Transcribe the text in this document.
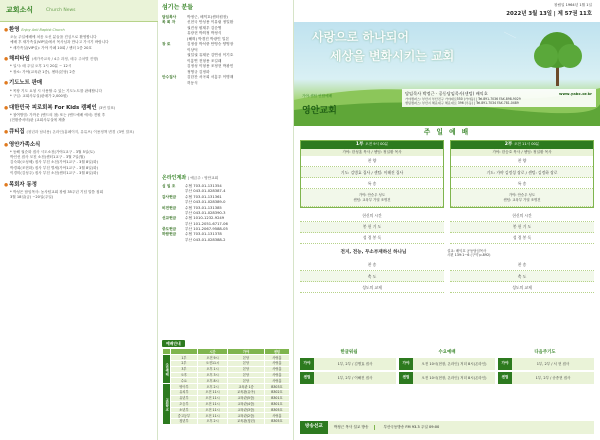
교회소식	Church News
●환영 Enjoy Anti Baptist Church

오늘 주일예배에 처음 오신 분들을 진심으로 환영합니다

예배 후 새가족실(VIP실)에서 목사님과 만나고 가시기 바랍니다

* 새가족실(VIP실): 가야 카페 10회 / 센터 1층 20호

●해피타임 (새가족교육 / 4주 과정, 매주 주차별 진행)

* 일시: 매 주일 오후 1시 20분 ~ 12시

* 장소: 가야(교육관 1층), 센터(본당) 2층

●기도노트 판매

* 목장 기도 요청 시 사용할 수 있는 기도노트를 판매합니다

* 구입: 교회사무실(판매가 2,000원)

●대한민국 피로회복 For Kids 캠페인 (3번 말표)

* 참여방법: 가까운 (밴드의 참) 또는 (밴드예배 에서) 전원 후

(전환중서비)판 (교회사무실에 제출

●큐티집 (청년과 남녀용) 온라인(홈페이지, 유튜브) 이용정책 변경 (3번 말표)
●영안가족소식

* 동해 권순화 집사 시도소천(가야1교구 - 3월 5일(토)

박인선 집사 모친 소천(센터1교구 - 3월 7일(월)

김숙화(오성혜) 집사 부친 소천(가야1교구 - 3월 8일(화)

박경희(조현화) 집사 부친 별세(가야1교구 - 3월 8일(화)

이경미(김성주) 집사 부친 소천(센터1교구 - 3월 8일(화)

●목회자 동정

* 박성은 담임목사: 농사팀교회 창립 35주년 기념 말씀 집회

3월 18일(금) ~20일(주일)

섬기는 분들
담임목사	박정근, 배익호(센터원장)
목 회 자	신현국 안성용 이유림 정일환
권진성 원재우 김순영
유장현 박의정 박정식
(해외) 박경진 박광인 일본
장 로	김정삼 박석중 안영승 양영장
이상덕
권일권 유재문 김연성 이기호
이흥연 전형용 조길래
김정성 이형용 조정현 박광민
정영규 김정화
안수집사	김한찬 서곡희 서흥우 이병재
허동식
온라인계좌 | 예금주 : 영안교회
십 일 조	수협 703-01-131354
부산 043-01-028387-4
감사헌금	수협 703-01-131361
부산 043-01-028389-0
비전헌금	수협 703-01-131385
부산 043-01-028390-3
선교헌금	수협 1010-1232-9249
부산 101-2051-6717-06
중도헌금	부산 101-2067-9588-05
하람헌금	수협 703-01-131378
부산 043-01-028388-2
예배안내
		시간	가야	센텀
주일예배	1부	오전 9시	본당	사랑홀
	2부	오전11시	본당	사랑홀
	3부	오후 1시	본당	사랑홀
	오후	오후 3시	본당	사랑홀
	수요	오후 8시	본당	사랑홀
교회학교	영아부	오후 2시	교육관 1층	B303호
	유치부	오전 11시	교육관(유아)	B302호
	유년부	오전 11시	교육관(5층)	B301호
	초등부	오전 11시	교육관(4층)	B301호
	소년부	오전 11시	교육관(3층)	B305호
	중고등부	오전 11시	교육관(2층)	사랑홀
	청년부	오후 2시	교육관(청년)	B305호
창립일 1964년 1월 1일
2022년 3월 13일 | 제 57권 11호
사랑으로 하나되어
세상을 변화시키는 교회
가야.센텀 연합예배
영안교회
담임목사 박정근 · 공동담임목사(센텀) 배익호
가야캠퍼스: 부산시 부산진구 가야대로550 (가야동) | Tel.891-7036 FAX.898-9029
센텀캠퍼스: 부산시 해운대구 해운대로 396 (우동) | Tel.891-7034 FAX.781-0489
www.yabc.or.kr
주 일 예 배
1부 오전 9시 00분
가야: 한성홍 목사 / 센텀: 정일환 목사
찬 양
기도: 김병효 집사 / 센텀: 이해진 집사
특 송
가야: 안승우 성도
센텀: 교육부 가열 조명건
2부 오전 11시 00분
가야: 한승호 목사 / 센텀: 정일환 목사
찬 양
기도: 가야 김정성 장로 / 센텀: 김정하 장로
특 송
가야: 안승우 성도
센텀: 교육부 가열 조명건
헌신의 시간
봉 헌 기 도
성 경 봉 독
헌신의 시간
봉 헌 기 도
성 경 봉 독
전지, 전능, 무소부재하신 하나님	설교: 배익호 공동담임목사
시편 139:1~6 (구약 p.892)
찬 송
축 도
성도의 교제
찬 송
축 도
성도의 교제
한글워쉽	수요예배	다음주기도
가야	1부, 2부 / 김병효 집사	가야	오전 10시(현장, 온라인) 저녁 8시(온라인)	가야	1부, 2부 / 서 현 집사
센텀	1부, 2부 / 이해진 집사	센텀	오전 10시(현장, 온라인) 저녁 8시(온라인)	센텀	1부, 2부 / 송종현 집사
방송선교	박정근 목사 설교 방송	부산극동방송 FM 93.3 주일 09:00
